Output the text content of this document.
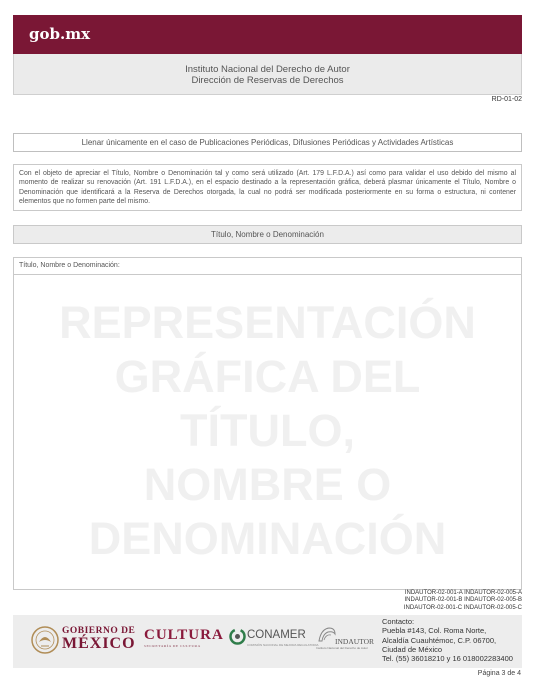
gob.mx
Instituto Nacional del Derecho de Autor
Dirección de Reservas de Derechos
RD-01-02
Llenar únicamente en el caso de Publicaciones Periódicas, Difusiones Periódicas y Actividades Artísticas
Con el objeto de apreciar el Título, Nombre o Denominación tal y como será utilizado (Art. 179 L.F.D.A.) así como para validar el uso debido del mismo al momento de realizar su renovación (Art. 191 L.F.D.A.), en el espacio destinado a la representación gráfica, deberá plasmar únicamente el Título, Nombre o Denominación que identificará a la Reserva de Derechos otorgada, la cual no podrá ser modificada posteriormente en su forma o estructura, ni contener elementos que no formen parte del mismo.
Título, Nombre o Denominación
Título, Nombre o Denominación:
REPRESENTACIÓN
GRÁFICA DEL
TÍTULO,
NOMBRE O
DENOMINACIÓN
INDAUTOR-02-001-A INDAUTOR-02-005-A
INDAUTOR-02-001-B INDAUTOR-02-005-B
INDAUTOR-02-001-C INDAUTOR-02-005-C
GOBIERNO DE
MÉXICO CULTURA
SECRETARÍA DE CULTURA
CONAMER
COMISIÓN NACIONAL DE MEJORA REGULATORIA INDAUTOR
Instituto Nacional del Derecho de Autor
Contacto:
Puebla #143, Col. Roma Norte,
Alcaldía Cuauhtémoc, C.P. 06700,
Ciudad de México
Tel. (55) 36018210 y 16 018002283400
Página 3 de 4
